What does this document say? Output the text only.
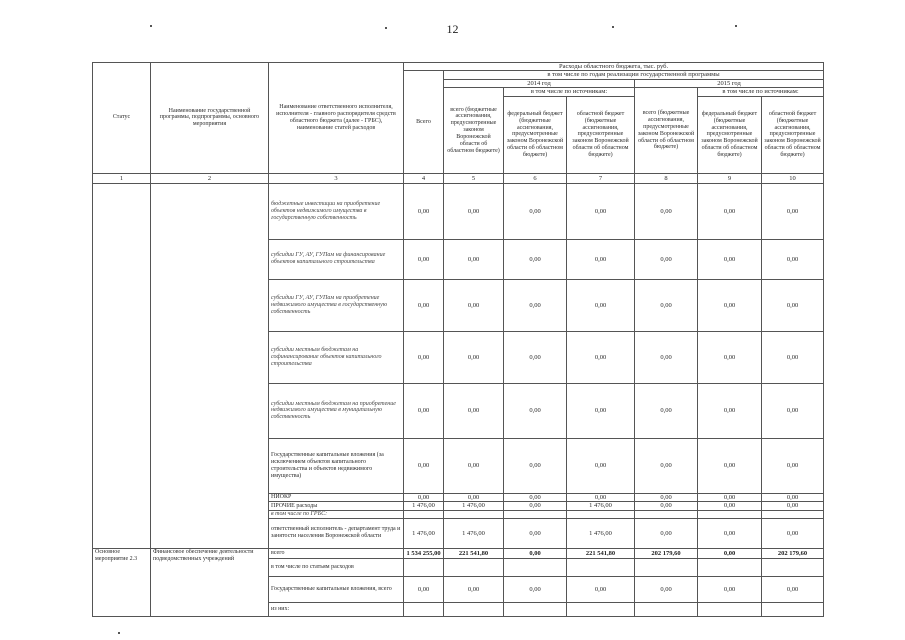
12
Статус	Наименование государственной программы, подпрограммы, основного мероприятия	Наименование ответственного исполнителя, исполнителя - главного распорядителя средств областного бюджета (далее - ГРБС), наименование статей расходов	Расходы областного бюджета, тыс. руб.						
			Всего	в том числе по годам реализации государственной программы					
				2014 год			2015 год		
				всего (бюджетные ассигнования, предусмотренные законом Воронежской области об областном бюджете)	в том числе по источникам:		всего (бюджетные ассигнования, предусмотренные законом Воронежской области об областном бюджете)	в том числе по источникам:	
					федеральный бюджет (бюджетные ассигнования, предусмотренные законом Воронежской области об областном бюджете)	областной бюджет (бюджетные ассигнования, предусмотренные законом Воронежской области об областном бюджете)		федеральный бюджет (бюджетные ассигнования, предусмотренные законом Воронежской области об областном бюджете)	областной бюджет (бюджетные ассигнования, предусмотренные законом Воронежской области об областном бюджете)
1	2	3	4	5	6	7	8	9	10
		бюджетные инвестиции на приобретение объектов недвижимого имущества в государственную собственность	0,00	0,00	0,00	0,00	0,00	0,00	0,00
		субсидии ГУ, АУ, ГУПам на финансирование объектов капитального строительства	0,00	0,00	0,00	0,00	0,00	0,00	0,00
		субсидии ГУ, АУ, ГУПам на приобретение недвижимого имущества в государственную собственность	0,00	0,00	0,00	0,00	0,00	0,00	0,00
		субсидии местным бюджетам на софинансирование объектов капитального строительства	0,00	0,00	0,00	0,00	0,00	0,00	0,00
		субсидии местным бюджетам на приобретение недвижимого имущества в муниципальную собственность	0,00	0,00	0,00	0,00	0,00	0,00	0,00
		Государственные капитальные вложения (за исключением объектов капитального строительства и объектов недвижимого имущества)	0,00	0,00	0,00	0,00	0,00	0,00	0,00
		НИОКР	0,00	0,00	0,00	0,00	0,00	0,00	0,00
		ПРОЧИЕ расходы	1 476,00	1 476,00	0,00	1 476,00	0,00	0,00	0,00
		в том числе по ГРБС:							
		ответственный исполнитель - департамент труда и занятости населения Воронежской области	1 476,00	1 476,00	0,00	1 476,00	0,00	0,00	0,00
Основное мероприятие 2.3	Финансовое обеспечение деятельности подведомственных учреждений	всего	1 534 255,00	221 541,80	0,00	221 541,80	202 179,60	0,00	202 179,60
		в том числе по статьям расходов							
		Государственные капитальные вложения, всего	0,00	0,00	0,00	0,00	0,00	0,00	0,00
		из них:							
